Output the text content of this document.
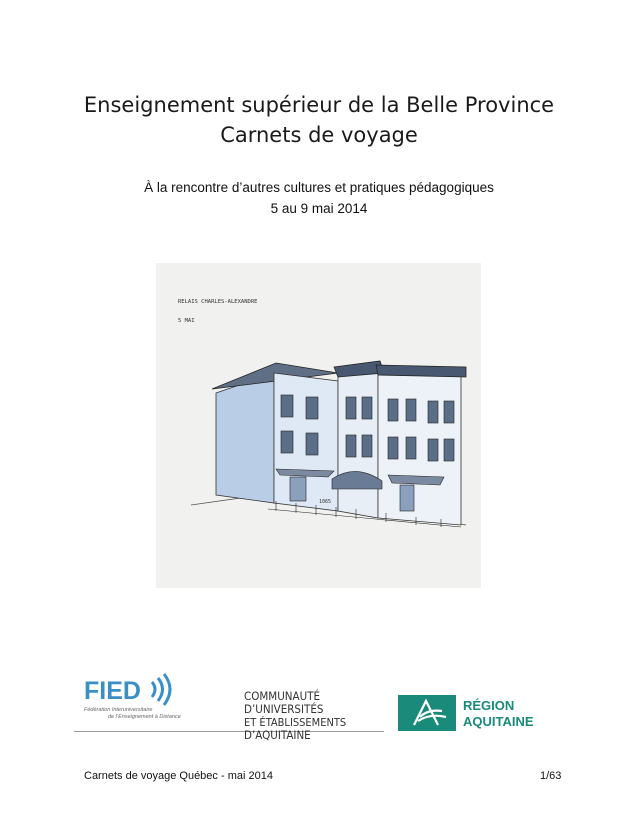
Enseignement supérieur de la Belle Province
Carnets de voyage
À la rencontre d’autres cultures et pratiques pédagogiques
5 au 9 mai 2014
RELAIS CHARLES-ALEXANDRE
5 MAI
1065
FIED
Fédération Interuniversitaire
de l’Enseignement à Distance
COMMUNAUTÉ
D’UNIVERSITÉS
ET ÉTABLISSEMENTS
D’AQUITAINE
RÉGION
AQUITAINE
Carnets de voyage Québec - mai 2014	1/63
